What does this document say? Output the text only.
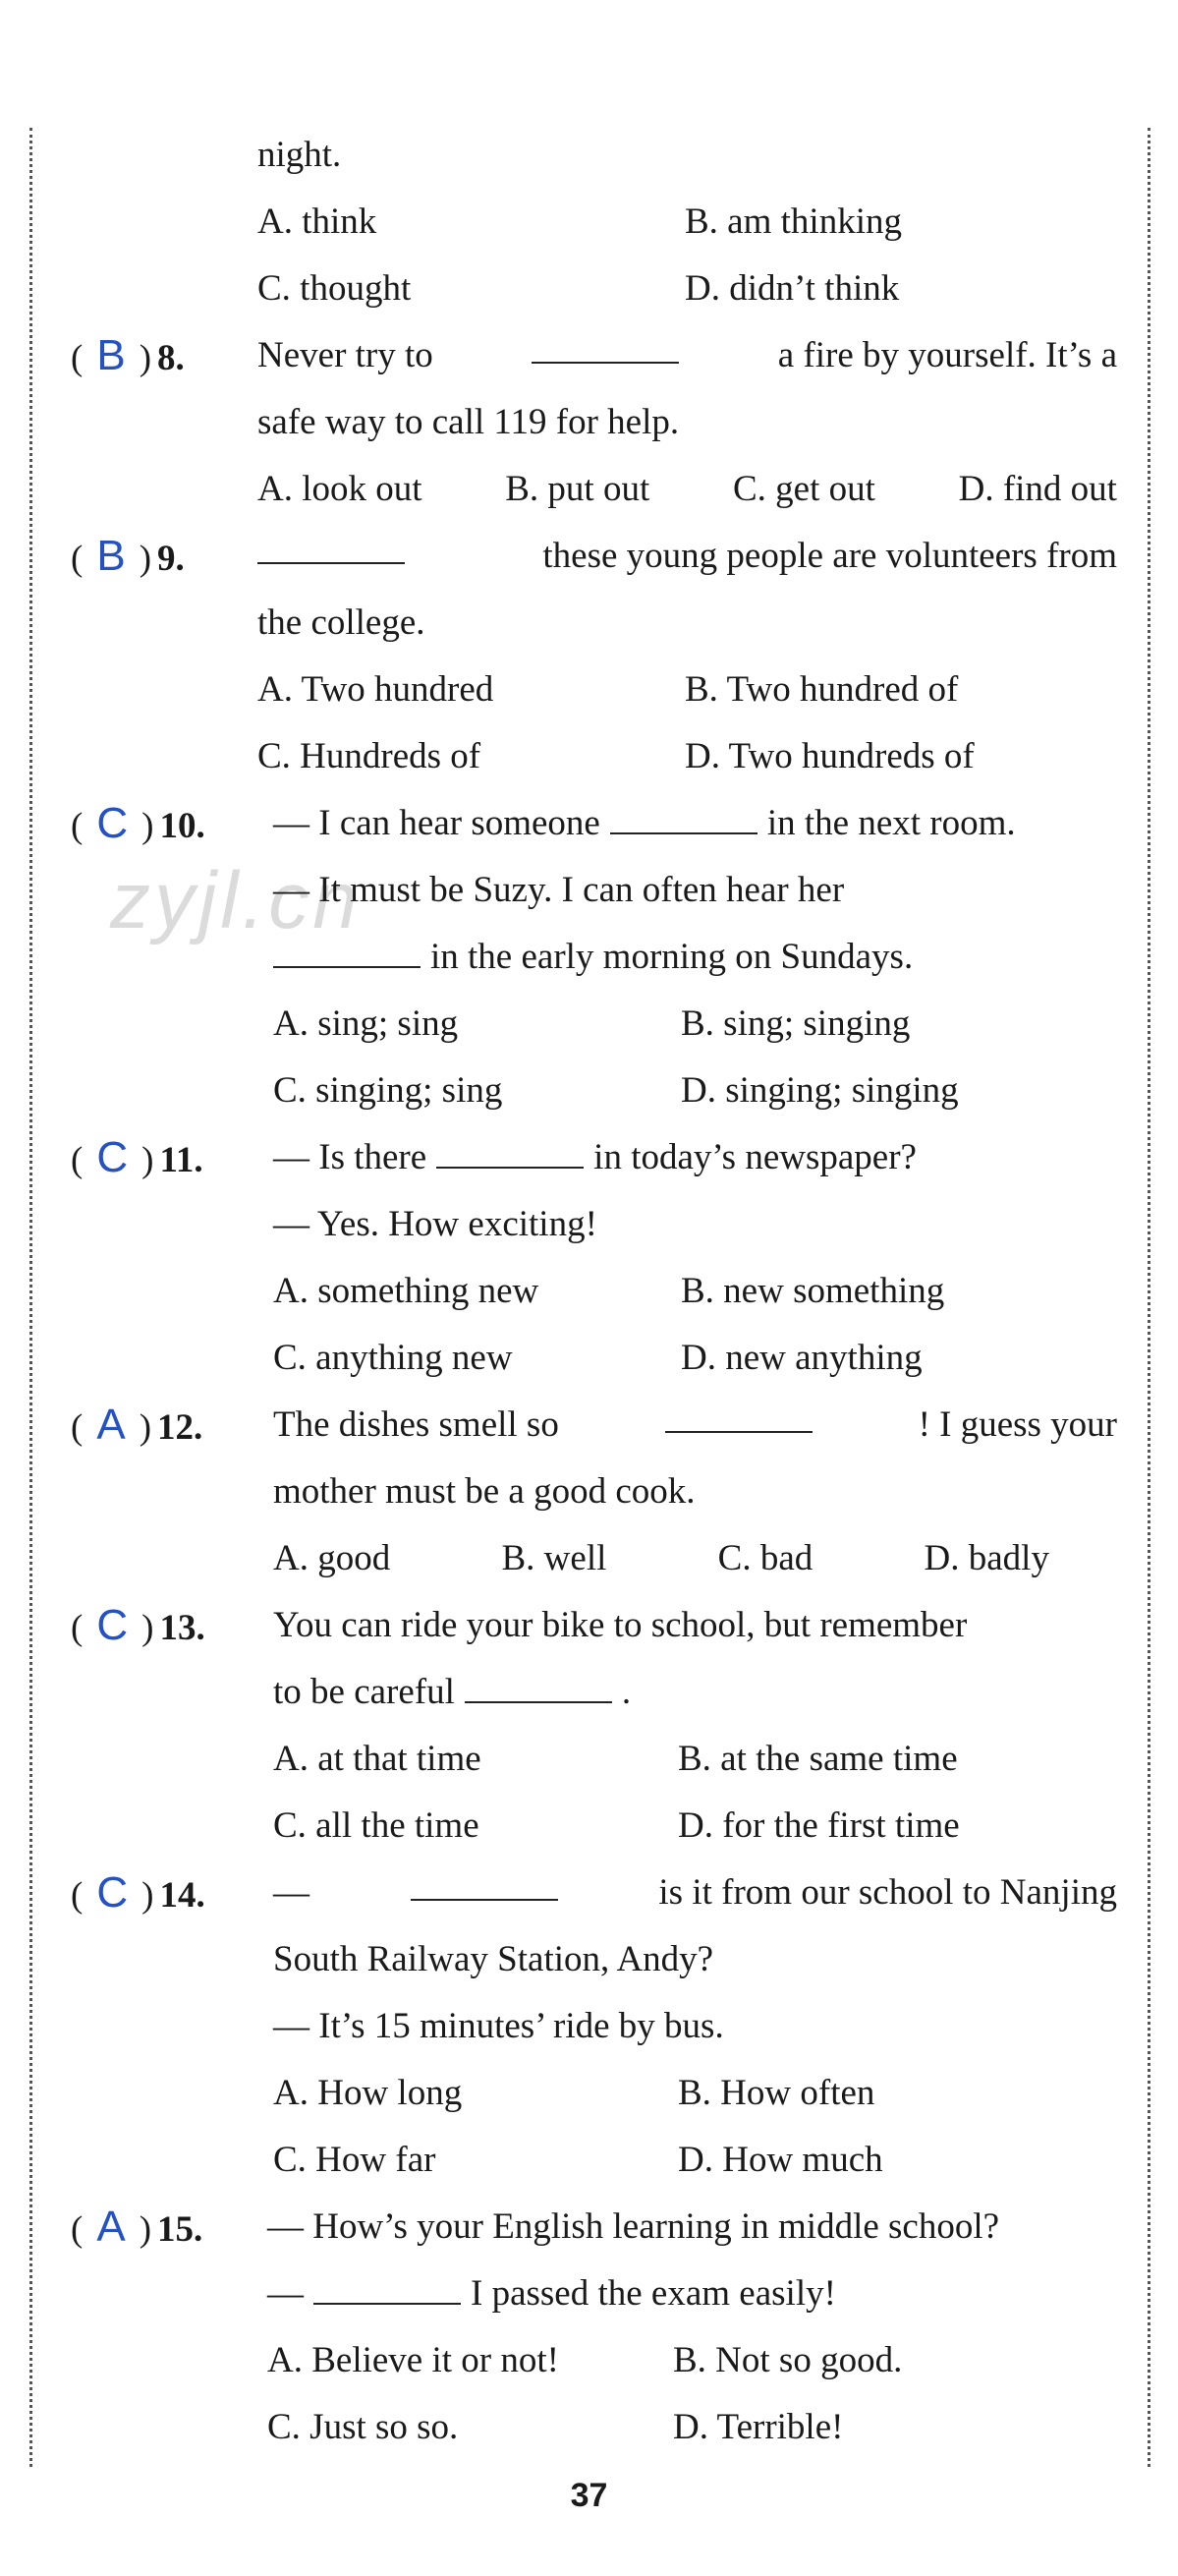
zyjl.cn
night.
A. think	B. am thinking
C. thought	D. didn’t think
( B ) 8. Never try to	a fire by yourself. It’s a
safe way to call 119 for help.
A. look out B. put out C. get out D. find out
( B ) 9.	these young people are volunteers from
the college.
A. Two hundred	B. Two hundred of
C. Hundreds of	D. Two hundreds of
( C ) 10. — I can hear someone	in the next room.
— It must be Suzy. I can often hear her
in the early morning on Sundays.
A. sing; sing	B. sing; singing
C. singing; sing	D. singing; singing
( C ) 11. — Is there	in today’s newspaper?
— Yes. How exciting!
A. something new	B. new something
C. anything new	D. new anything
( A ) 12. The dishes smell so	! I guess your
mother must be a good cook.
A. good	B. well	C. bad	D. badly
( C ) 13. You can ride your bike to school, but remember
to be careful	.
A. at that time	B. at the same time
C. all the time	D. for the first time
( C ) 14. —	is it from our school to Nanjing
South Railway Station, Andy?
— It’s 15 minutes’ ride by bus.
A. How long	B. How often
C. How far	D. How much
( A ) 15. — How’s your English learning in middle school?
—	I passed the exam easily!
A. Believe it or not!	B. Not so good.
C. Just so so.	D. Terrible!
37
